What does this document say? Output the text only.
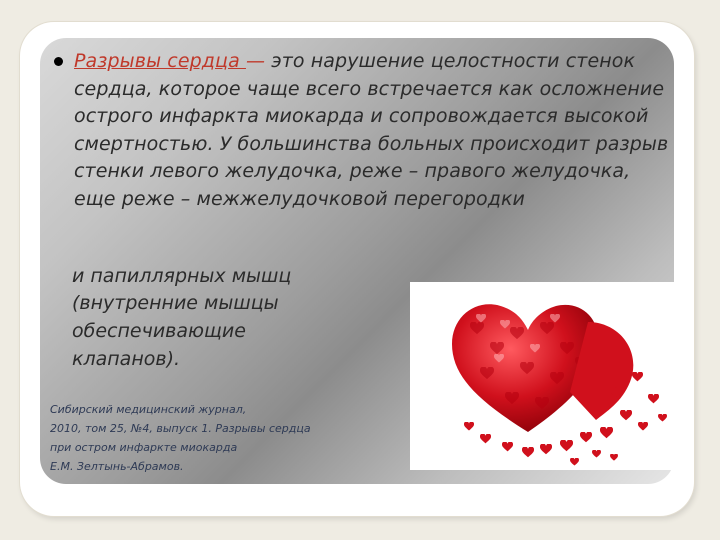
Разрывы сердца — это нарушение целостности стенок сердца, которое чаще всего встречается как осложнение острого инфаркта миокарда и сопровождается высокой смертностью. У большинства больных происходит разрыв стенки левого желудочка, реже – правого желудочка, еще реже – межжелудочковой перегородки

и папиллярных мышц

(внутренние мышцы

обеспечивающие

клапанов).

Сибирский медицинский журнал,
2010, том 25, №4, выпуск 1. Разрывы сердца
при остром инфаркте миокарда
Е.М. Зелтынь-Абрамов.
